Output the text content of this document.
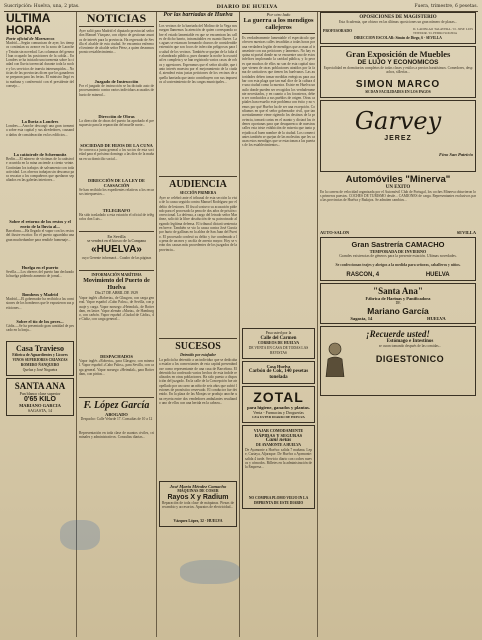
Suscripción: Huelva, una, 2 ptas.	DIARIO DE HUELVA	Fuera, trimestre, 6 pesetas.
ULTIMA HORA
Parte oficial de Marruecos
Madrid.—Según comunican de ayer, los tiempos continúan su avance en la zona de Larache y Tetuán sin novedad. Las columnas del general han ocupado las posiciones de la cabila... En Londres se ha iniciado una tormenta sobre la ciudad con lluvia torrencial durante toda la noche y los servicios de tranvía interrumpidos... Noticias de las provincias dicen que los ganaderos se preparan para las ferias. El ministro llegó esta mañana y conferenció con el presidente del consejo...
La lluvia a Londres
Londres.—Anoche descargó una gran tormenta sobre esta capital y sus alrededores, causando daños de consideración en los edificios...
La catástrofe de Scheemnitz
Berlín.—El número de víctimas de la catástrofe ocurrida en la mina asciende a ciento veinte. Continúan los trabajos de salvamento con toda actividad. Los obreros trabajan sin descanso para rescatar a los compañeros que quedaron sepultados en las galerías interiores...
Sobre el retorno de los restos y el envío de la lluvia al...
Barcelona.—Ha llegado el vapor con los restos del ilustre escritor. En el puerto aguardaba una gran muchedumbre para rendirle homenaje...
Huelga en el puerto
Sevilla.—Los obreros del puerto han declarado la huelga pidiendo aumento de jornal...
Bombeos y Madrid
Madrid.—El gobernador ha recibido a las comisiones de los bomberos que le expusieron sus peticiones...
Sobre el tío de los peces...
Cádiz.—Se ha presentado gran cantidad de pescado en la lonja...
Casa Travieso
Fábrica de Aguardientes y Licores
VINOS SUPERIORES CRIANZAS
ROMERO ÑANQUERO
Queluz y José Nogueira
SANTA ANA
Pan blanco clase superior
0'65 KILO
MARIANO GARCIA
SAGASTA, 14
NOTICIAS
Ayer salió para Madrid el diputado provincial señor don Manuel Vázquez, con objeto de gestionar asuntos de interés para la provincia. Ha regresado de Sevilla el alcalde de esta ciudad. Se encuentra enfermo el teniente de alcalde señor Pérez, a quien deseamos pronto restablecimiento...
Juzgado de Instrucción
Por el juzgado de instrucción se ha dictado auto de procesamiento contra varios individuos acusados de hurto de mineral...
Dirección de Obras
La dirección de obras del puerto ha aprobado el presupuesto para la reparación del muelle norte...
SOCIEDAD DE HIJOS DE LA CUNA
Se convoca a junta general a los socios de esta sociedad para el próximo domingo a las diez de la mañana en su domicilio social...
DIRECCIÓN DE LA LEY DE CASSACIÓN
Se han recibido los expedientes relativos a los recursos interpuestos...
TELEGRAFO
Ha sido trasladado a esta estación el oficial de telégrafos don Luis...
En Sevilla
se venderá en el kiosco de la Campana
«HUELVA»
cuyo Gerente informará... Cuadro de las páginas
INFORMACIÓN MARÍTIMA
Movimiento del Puerto de Huelva
Día 27 DE ABRIL DE 1929
Vapor inglés «Roberta», de Glasgow, con carga general. Vapor español «Cabo Palos», de Sevilla, con pasaje y carga. Vapor noruego «Heimdal», de Rotterdam, en lastre. Vapor alemán «Marta», de Hamburgo, con carbón. Vapor español «Ciudad de Cádiz», de Cádiz, con carga general...
DESPACHADOS
Vapor inglés «Roberta», para Glasgow, con mineral. Vapor español «Cabo Palos», para Sevilla, con carga general. Vapor noruego «Heimdal», para Rotterdam, con piritas...
F. López García
ABOGADO
Despacho: Calle Velarde 17. Consultas de 10 a 12
Representación en toda clase de asuntos civiles, criminales y administrativos. Consultas diarias...
Por las barriadas de Huelva
Los vecinos de la barriada del Molino de la Vega nos ruegan llamemos la atención de quien corresponda sobre el estado lamentable en que se encuentran las calles de dicho barrio, intransitables en cuanto llueve. Las aguas se estancan formando charcos de considerable extensión que son focos de infección peligrosos para la salud de los vecinos. También se quejan de la falta de alumbrado público, pues durante la noche la oscuridad es completa y se han registrado varios casos de robos y agresiones. Esperamos que el señor alcalde, que tanto interés muestra por el mejoramiento de la ciudad, atenderá estas justas peticiones de los vecinos de aquella barriada que tanto contribuyen con sus impuestos al sostenimiento de las cargas municipales...
AUDIENCIA
SECCIÓN PRIMERA
Ayer se celebró ante el tribunal de esta sección la vista de la causa seguida contra Manuel Rodríguez por el delito de lesiones. El fiscal sostuvo su acusación pidiendo para el procesado la pena de dos años de prisión correccional. La defensa, a cargo del letrado señor Martínez, solicitó la libre absolución de su patrocinado alegando legítima defensa. El tribunal dictará sentencia en breve. También se vio la causa contra José García por hurto de gallinas en la aldea de San Juan del Puerto. El procesado confesó su delito y fue condenado a la pena de un mes y un día de arresto mayor. Hoy se verán dos causas más procedentes de los juzgados de la provincia...
SUCESOS
Detenido por estafador
La policía ha detenido a un individuo que se dedicaba a estafar a los comerciantes de esta capital presentándose como representante de una casa de Barcelona. El detenido ha confesado varios hechos de esta índole realizados en otras poblaciones. Ha sido puesto a disposición del juzgado. En la calle de la Concepción fue atropellado por un carro un niño de seis años que sufrió lesiones de pronóstico reservado. El conductor fue detenido. En la plaza de las Monjas se produjo anoche una reyerta entre dos vendedores ambulantes resultando uno de ellos con una herida en la cabeza...
José María Méndez Camacho
MÁQUINAS DE COSER
Rayos X y Radium
Reparación de toda clase de máquinas. Piezas de recambio y accesorios. Aparatos de electricidad...
Vázquez López, 32 - HUELVA
Por otro lado
La guerra a los mendigos callejeros
Es verdaderamente lamentable el espectáculo que ofrecen nuestras calles invadidas a todas horas por una verdadera legión de mendigos que acosan al transeúnte con sus peticiones y lamentos. No hay esquina ni portal donde no se encuentre uno de estos infelices implorando la caridad pública, y lo peor es que muchos de ellos no son de esta capital sino que vienen de otras poblaciones atraídos por la fama de caritativos que tienen los huelvanos. Las autoridades deben tomar medidas enérgicas para acabar con esta plaga que tan mal dice de la cultura de una ciudad como la nuestra. Existe en Huelva un asilo donde pueden ser recogidos los verdaderamente necesitados, y en cuanto a los forasteros, deben ser conducidos a sus pueblos de origen. Otras capitales han resuelto este problema con éxito y no vemos por qué Huelva ha de ser una excepción. Confiamos en que el señor gobernador civil, que tan acertadamente viene rigiendo los destinos de la provincia, tomará cartas en el asunto y dictará las órdenes oportunas para que desaparezca de nuestras calles esta triste exhibición de miseria que tanto perjudica al buen nombre de la ciudad. Los comerciantes también se quejan de las molestias que les causan estos mendigos que se estacionan a las puertas de los establecimientos...
Pasa usted por la
Calle del Carmen
CORREOS DE HUELVA
DE VENTA EN CASA DE TODAS LAS REVISTAS
Casa Huelva
Carbón de Cok, 140 pesetas tonelada
ZOTAL
para higiene, ganados y plantas.
Venta - Farmacias y Droguerías
LEA USTED DIARIO DE HUELVA
VIAJAR COMODAMENTE
RÁPIDAS Y SEGURAS
Cami netas
DE AYAMONTE A HUELVA
De Ayamonte a Huelva: salida 7 mañana. Lepe, Cartaya, Aljaraque. De Huelva a Ayamonte: salida 4 tarde. Servicio diario con coches nuevos y cómodos. Billetes en la administración de la Empresa...
NO COMPRA PLOMO VIEJO IN LA IMPRENTA DE ESTE DIARIO
OPOSICIONES DE MAGISTERIO
Esta Academia, que obtuvo en las últimas oposiciones un gran número de plazas...
PROFESORADO
D. LADISLAO TALAVERA / D. JOSÉ LUIS TEJEDOR / D. PEDRO SOLEDA
DIRECCION ESCOLAR: Simón de Diego, 6 - SEVILLA
Gran Exposición de Muebles
DE LUJO Y ECONOMICOS
Especialidad en dormitorios completos de todas clases y estilos a precios baratísimos. Comedores, despachos, sillerías...
SIMON MARCO
SE DAN FACILIDADES EN LOS PAGOS
Garvey
JEREZ
Fino San Patricio
Automóviles "Minerva"
UN EXITO
En la carrera de velocidad organizada por el Automóvil Club de Portugal, los coches Minerva obtuvieron los primeros puestos. COCHES DE TURISMO desde... CAMIONES de carga. Representantes exclusivos para las provincias de Huelva y Badajoz. Se admiten cambios...
AUTO-SALON	SEVILLA
Gran Sastrería CAMACHO
TEMPORADA DE INVIERNO
Grandes existencias de géneros para la presente estación. Últimas novedades.
Se confeccionan trajes y abrigos a la medida para señoras, caballeros y niños.
RASCON, 4	HUELVA
"Santa Ana"
Fábrica de Harinas y Panificadora
DE
Mariano García
Sagasta, 14	HUELVA
¡Recuerde usted!
Estómago e Intestinos
se curan tomando después de las comidas...
DIGESTONICO
